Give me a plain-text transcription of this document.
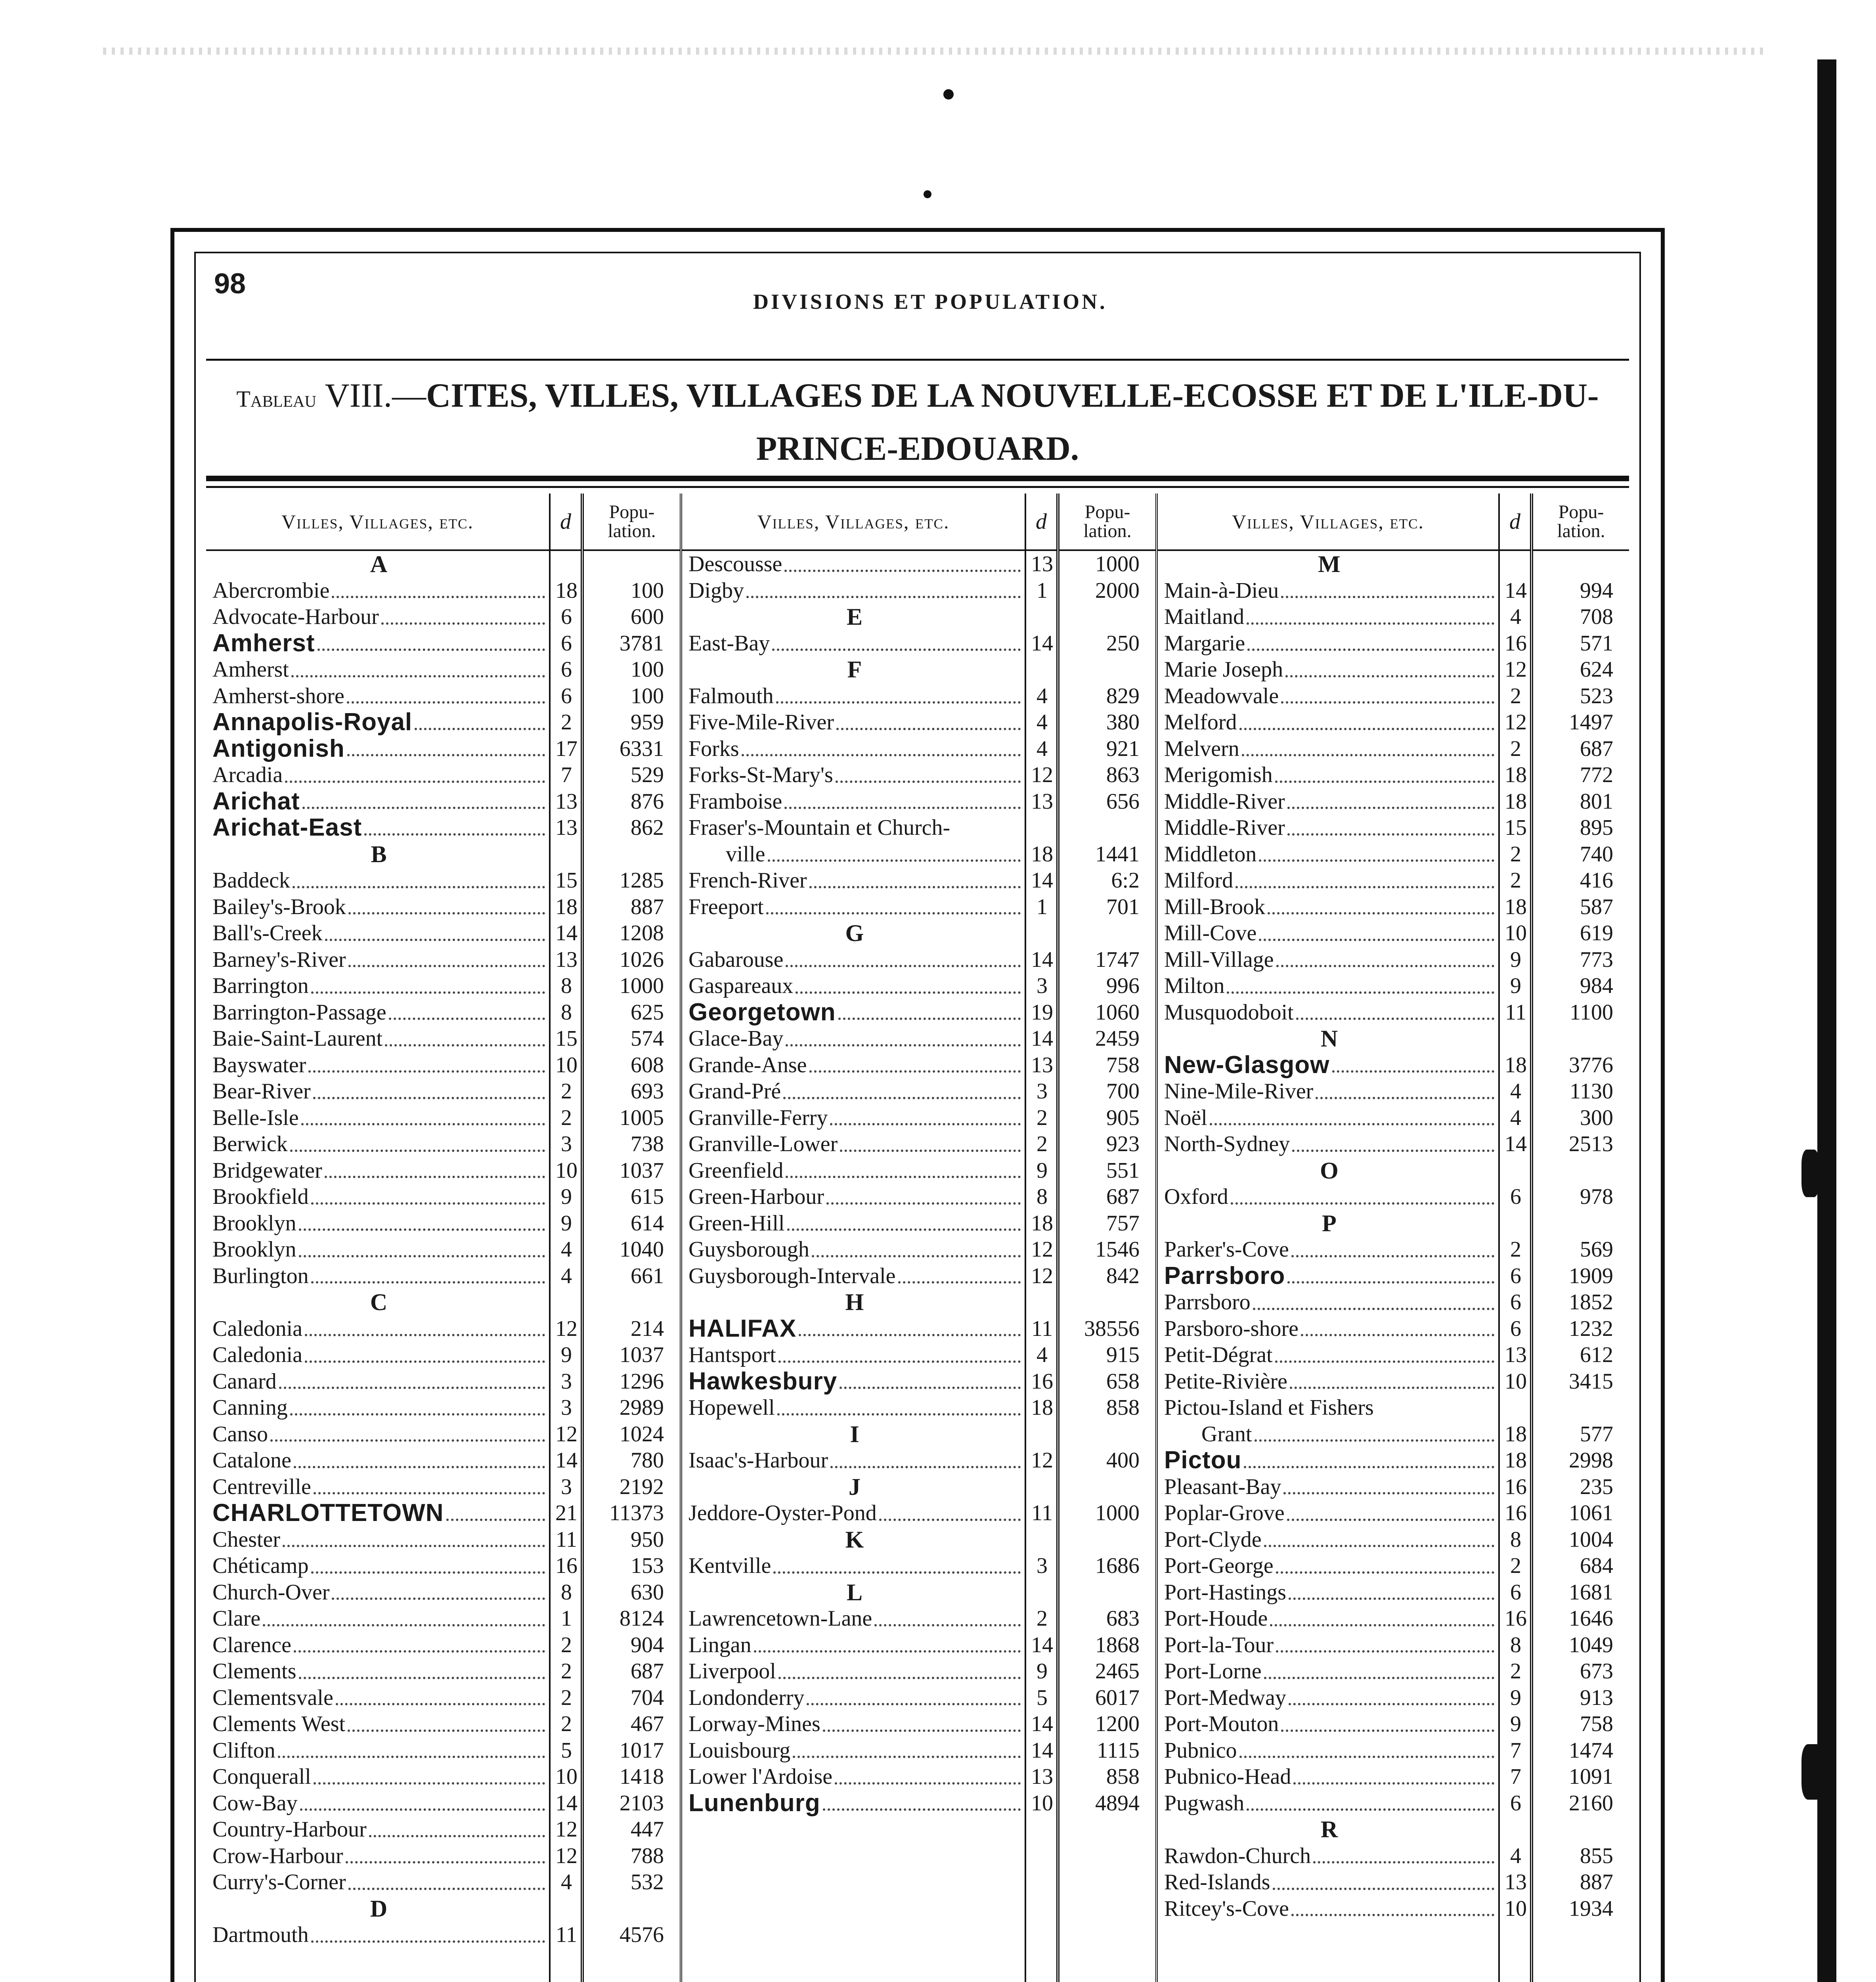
98
DIVISIONS ET POPULATION.
Tableau VIII.—CITES, VILLES, VILLAGES DE LA NOUVELLE-ECOSSE ET DE L'ILE-DU-
PRINCE-EDOUARD.
Villes, Villages, etc.
A
Abercrombie
Advocate-Harbour
Amherst
Amherst
Amherst-shore
Annapolis-Royal
Antigonish
Arcadia
Arichat
Arichat-East
B
Baddeck
Bailey's-Brook
Ball's-Creek
Barney's-River
Barrington
Barrington-Passage
Baie-Saint-Laurent
Bayswater
Bear-River
Belle-Isle
Berwick
Bridgewater
Brookfield
Brooklyn
Brooklyn
Burlington
C
Caledonia
Caledonia
Canard
Canning
Canso
Catalone
Centreville
CHARLOTTETOWN
Chester
Chéticamp
Church-Over
Clare
Clarence
Clements
Clementsvale
Clements West
Clifton
Conquerall
Cow-Bay
Country-Harbour
Crow-Harbour
Curry's-Corner
D
Dartmouth
d
18
6
6
6
6
2
17
7
13
13
15
18
14
13
8
8
15
10
2
2
3
10
9
9
4
4
12
9
3
3
12
14
3
21
11
16
8
1
2
2
2
2
5
10
14
12
12
4
11
Popu- lation.
100
600
3781
100
100
959
6331
529
876
862
1285
887
1208
1026
1000
625
574
608
693
1005
738
1037
615
614
1040
661
214
1037
1296
2989
1024
780
2192
11373
950
153
630
8124
904
687
704
467
1017
1418
2103
447
788
532
4576
Villes, Villages, etc.
Descousse
Digby
E
East-Bay
F
Falmouth
Five-Mile-River
Forks
Forks-St-Mary's
Framboise
Fraser's-Mountain et Church-
ville
French-River
Freeport
G
Gabarouse
Gaspareaux
Georgetown
Glace-Bay
Grande-Anse
Grand-Pré
Granville-Ferry
Granville-Lower
Greenfield
Green-Harbour
Green-Hill
Guysborough
Guysborough-Intervale
H
HALIFAX
Hantsport
Hawkesbury
Hopewell
I
Isaac's-Harbour
J
Jeddore-Oyster-Pond
K
Kentville
L
Lawrencetown-Lane
Lingan
Liverpool
Londonderry
Lorway-Mines
Louisbourg
Lower l'Ardoise
Lunenburg
d
13
1
14
4
4
4
12
13
18
14
1
14
3
19
14
13
3
2
2
9
8
18
12
12
11
4
16
18
12
11
3
2
14
9
5
14
14
13
10
Popu- lation.
1000
2000
250
829
380
921
863
656
1441
6:2
701
1747
996
1060
2459
758
700
905
923
551
687
757
1546
842
38556
915
658
858
400
1000
1686
683
1868
2465
6017
1200
1115
858
4894
Villes, Villages, etc.
M
Main-à-Dieu
Maitland
Margarie
Marie Joseph
Meadowvale
Melford
Melvern
Merigomish
Middle-River
Middle-River
Middleton
Milford
Mill-Brook
Mill-Cove
Mill-Village
Milton
Musquodoboit
N
New-Glasgow
Nine-Mile-River
Noël
North-Sydney
O
Oxford
P
Parker's-Cove
Parrsboro
Parrsboro
Parsboro-shore
Petit-Dégrat
Petite-Rivière
Pictou-Island et Fishers
Grant
Pictou
Pleasant-Bay
Poplar-Grove
Port-Clyde
Port-George
Port-Hastings
Port-Houde
Port-la-Tour
Port-Lorne
Port-Medway
Port-Mouton
Pubnico
Pubnico-Head
Pugwash
R
Rawdon-Church
Red-Islands
Ritcey's-Cove
d
14
4
16
12
2
12
2
18
18
15
2
2
18
10
9
9
11
18
4
4
14
6
2
6
6
6
13
10
18
18
16
16
8
2
6
16
8
2
9
9
7
7
6
4
13
10
Popu- lation.
994
708
571
624
523
1497
687
772
801
895
740
416
587
619
773
984
1100
3776
1130
300
2513
978
569
1909
1852
1232
612
3415
577
2998
235
1061
1004
684
1681
1646
1049
673
913
758
1474
1091
2160
855
887
1934
